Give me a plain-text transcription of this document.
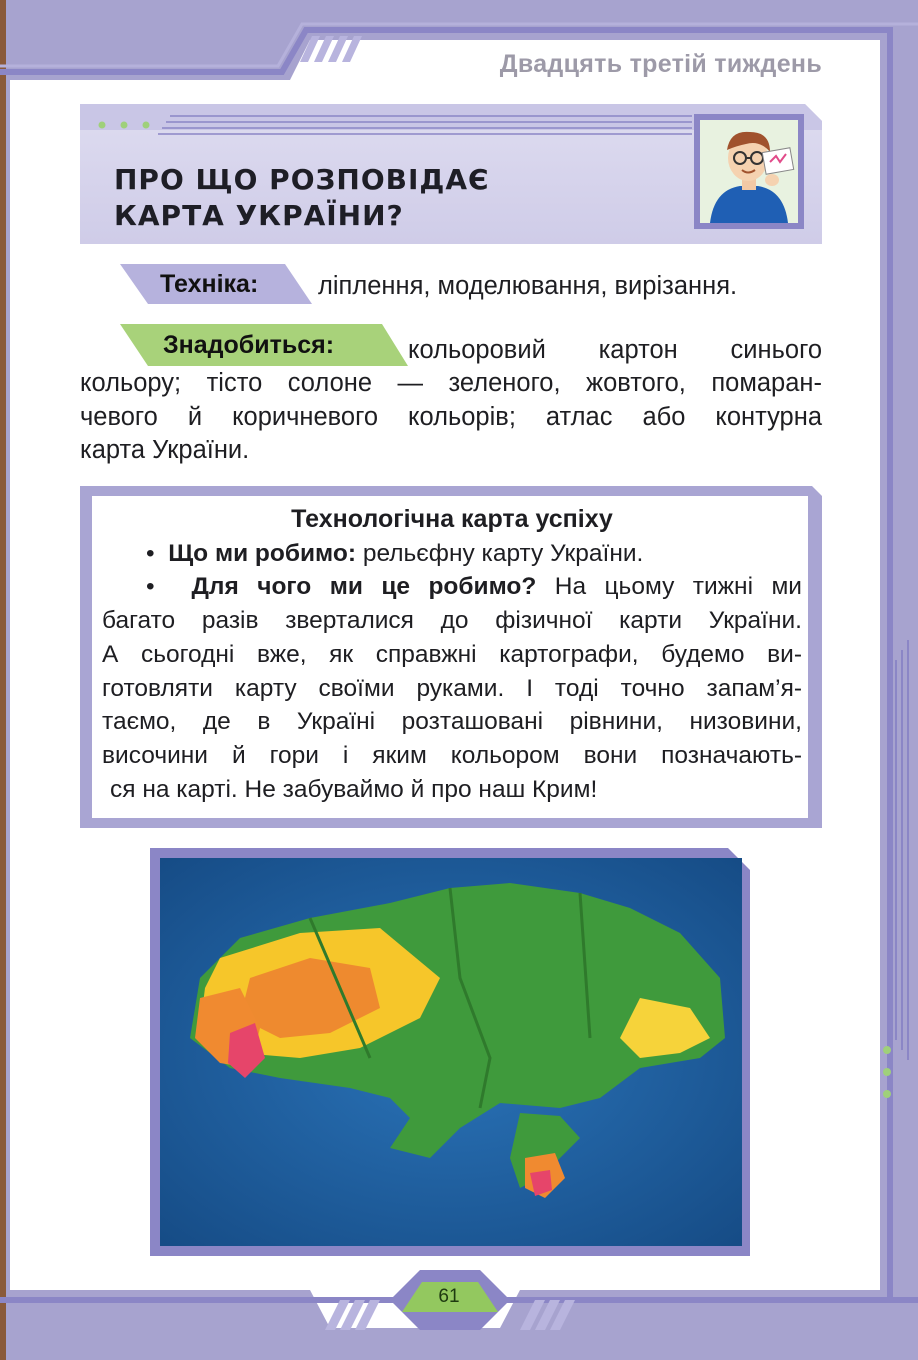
Двадцять третій тиждень
ПРО ЩО РОЗПОВІДАЄ
КАРТА УКРАЇНИ?
Техніка: ліплення, моделювання, вирізання.
Знадобиться:	кольоровий картон синього
кольору; тісто солоне — зеленого, жовтого, помаран-
чевого й коричневого кольорів; атлас або контурна
карта України.
Технологічна карта успіху
•  Що ми робимо: рельєфну карту України.
•  Для чого ми це робимо? На цьому тижні ми
багато разів зверталися до фізичної карти України.
А сьогодні вже, як справжні картографи, будемо ви-
готовляти карту своїми руками. І тоді точно запам’я-
таємо, де в Україні розташовані рівнини, низовини,
височини й гори і яким кольором вони позначають-
ся на карті. Не забуваймо й про наш Крим!
61
